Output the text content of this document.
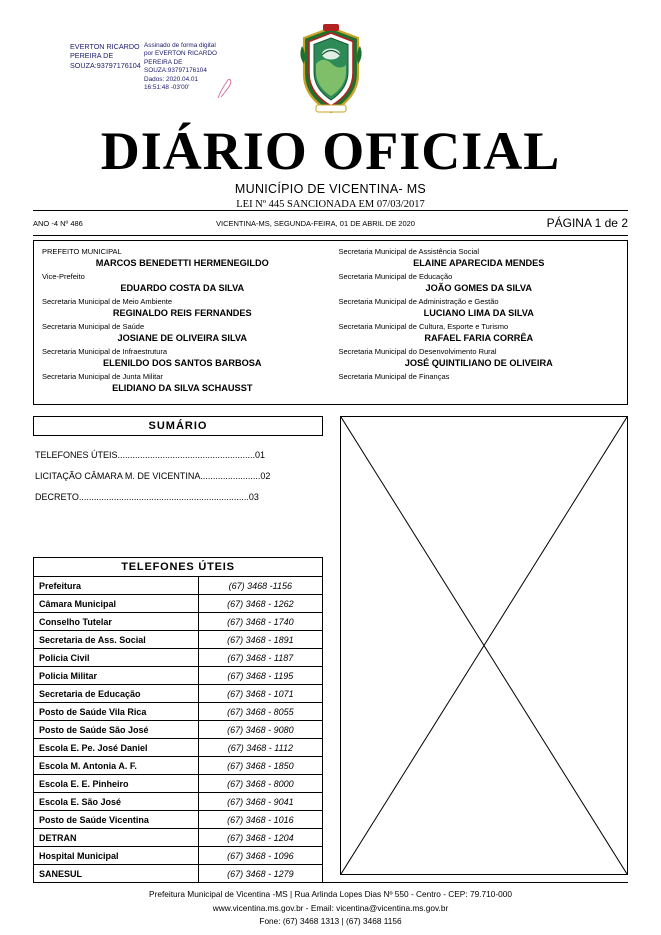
EVERTON RICARDO PEREIRA DE SOUZA:93797176104
Assinado de forma digital por EVERTON RICARDO PEREIRA DE SOUZA:93797176104 Dados: 2020.04.01 16:51:48 -03'00'
DIÁRIO OFICIAL
MUNICÍPIO DE VICENTINA- MS
LEI Nº 445 SANCIONADA EM 07/03/2017
ANO -4 Nº 486	VICENTINA-MS, SEGUNDA-FEIRA, 01 DE ABRIL DE 2020	PÁGINA 1 de 2
PREFEITO MUNICIPAL
MARCOS BENEDETTI HERMENEGILDO
Vice-Prefeito
EDUARDO COSTA DA SILVA
Secretaria Municipal de Meio Ambiente
REGINALDO REIS FERNANDES
Secretaria Municipal de Saúde
JOSIANE DE OLIVEIRA SILVA
Secretaria Municipal de Infraestrutura
ELENILDO DOS SANTOS BARBOSA
Secretaria Municipal de Junta Militar
ELIDIANO DA SILVA SCHAUSST
Secretaria Municipal de Assistência Social
ELAINE APARECIDA MENDES
Secretaria Municipal de Educação
JOÃO GOMES DA SILVA
Secretaria Municipal de Administração e Gestão
LUCIANO LIMA DA SILVA
Secretaria Municipal de Cultura, Esporte e Turismo
RAFAEL FARIA CORRÊA
Secretaria Municipal do Desenvolvimento Rural
JOSÉ QUINTILIANO DE OLIVEIRA
Secretaria Municipal de Finanças
SUMÁRIO
TELEFONES ÚTEIS.......................................................01
LICITAÇÃO CÂMARA M. DE VICENTINA........................02
DECRETO....................................................................03
TELEFONES ÚTEIS
Prefeitura	(67) 3468 -1156
Câmara Municipal	(67) 3468 - 1262
Conselho Tutelar	(67) 3468 - 1740
Secretaria de Ass. Social	(67) 3468 - 1891
Policia Civil	(67) 3468 - 1187
Policia Militar	(67) 3468 - 1195
Secretaria de Educação	(67) 3468 - 1071
Posto de Saúde Vila Rica	(67) 3468 - 8055
Posto de Saúde São José	(67) 3468 - 9080
Escola E. Pe. José Daniel	(67) 3468 - 1112
Escola M. Antonia A. F.	(67) 3468 - 1850
Escola E. E. Pinheiro	(67) 3468 - 8000
Escola E. São José	(67) 3468 - 9041
Posto de Saúde Vicentina	(67) 3468 - 1016
DETRAN	(67) 3468 - 1204
Hospital Municipal	(67) 3468 - 1096
SANESUL	(67) 3468 - 1279
Prefeitura Municipal de Vicentina -MS | Rua Arlinda Lopes Dias Nº 550 - Centro - CEP: 79.710-000
www.vicentina.ms.gov.br - Email: vicentina@vicentina.ms.gov.br
Fone: (67) 3468 1313 | (67) 3468 1156
